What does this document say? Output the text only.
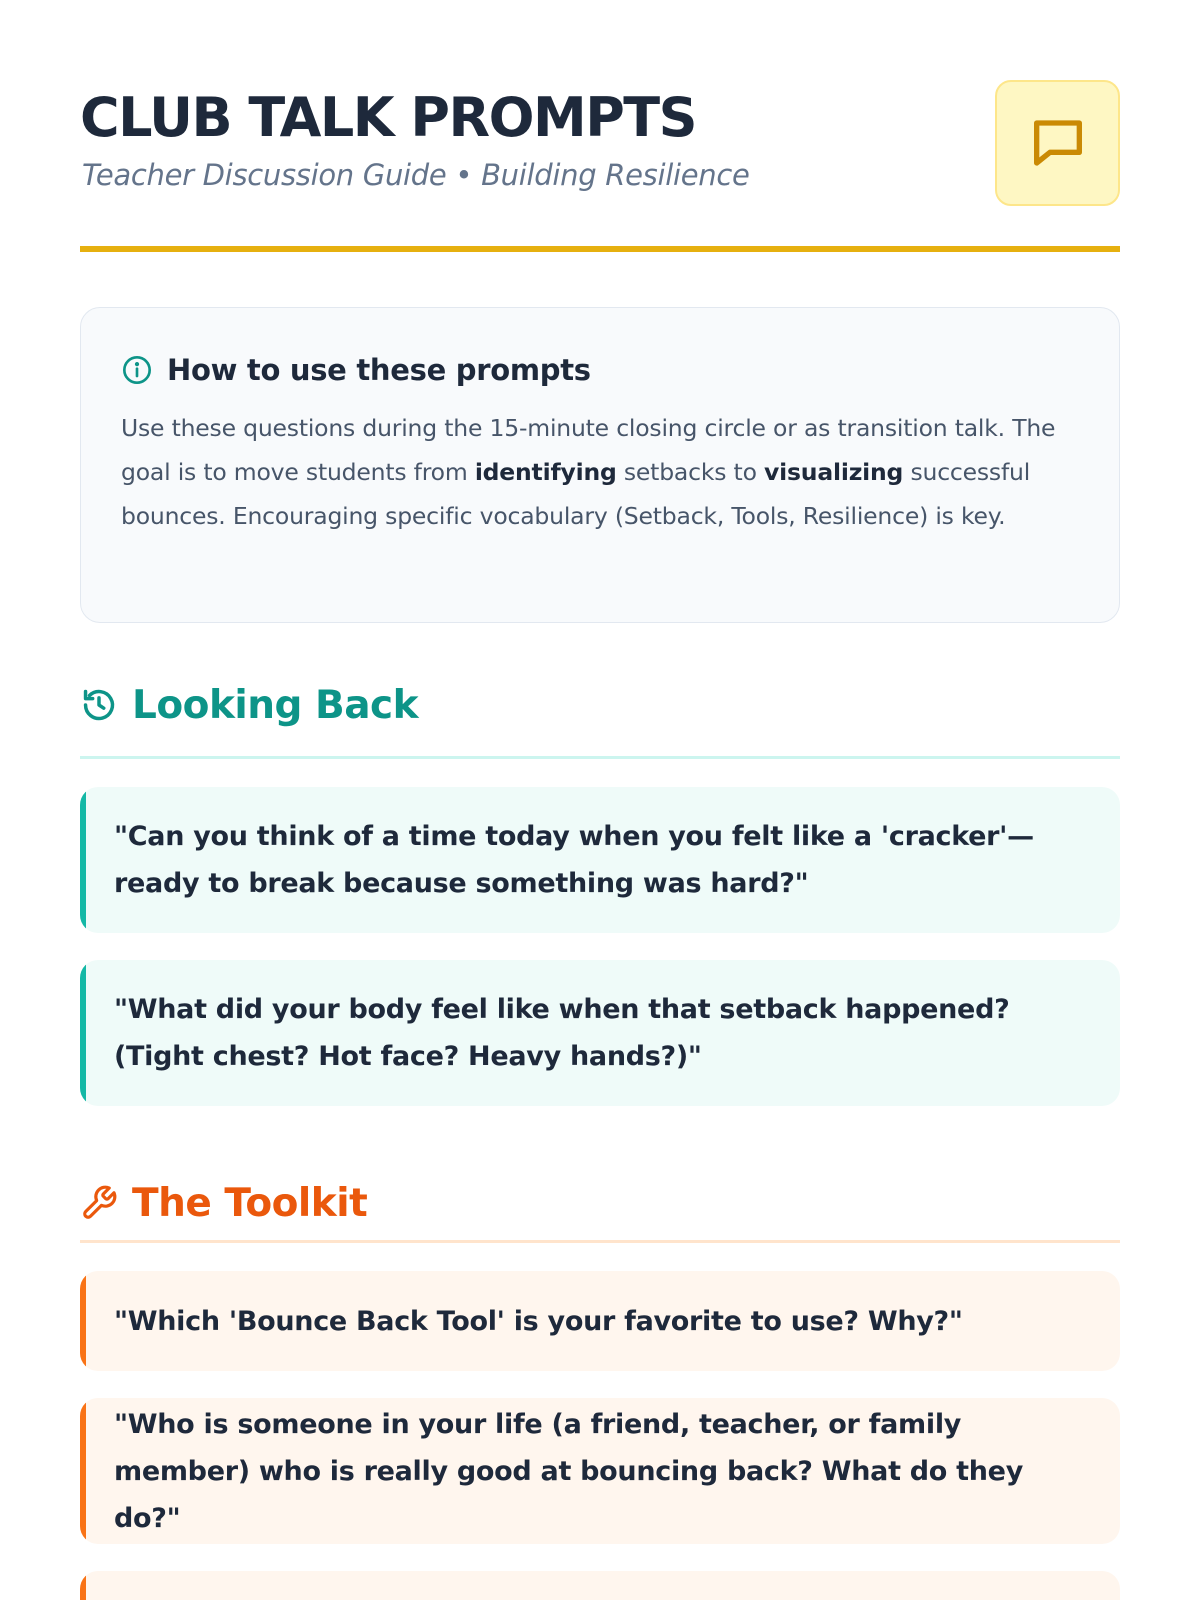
CLUB TALK PROMPTS
Teacher Discussion Guide • Building Resilience
How to use these prompts

Use these questions during the 15-minute closing circle or as transition talk. The goal is to move students from identifying setbacks to visualizing successful bounces. Encouraging specific vocabulary (Setback, Tools, Resilience) is key.

Looking Back

"Can you think of a time today when you felt like a 'cracker'—ready to break because something was hard?"

"What did your body feel like when that setback happened? (Tight chest? Hot face? Heavy hands?)"

The Toolkit

"Which 'Bounce Back Tool' is your favorite to use? Why?"

"Who is someone in your life (a friend, teacher, or family member) who is really good at bouncing back? What do they do?"
